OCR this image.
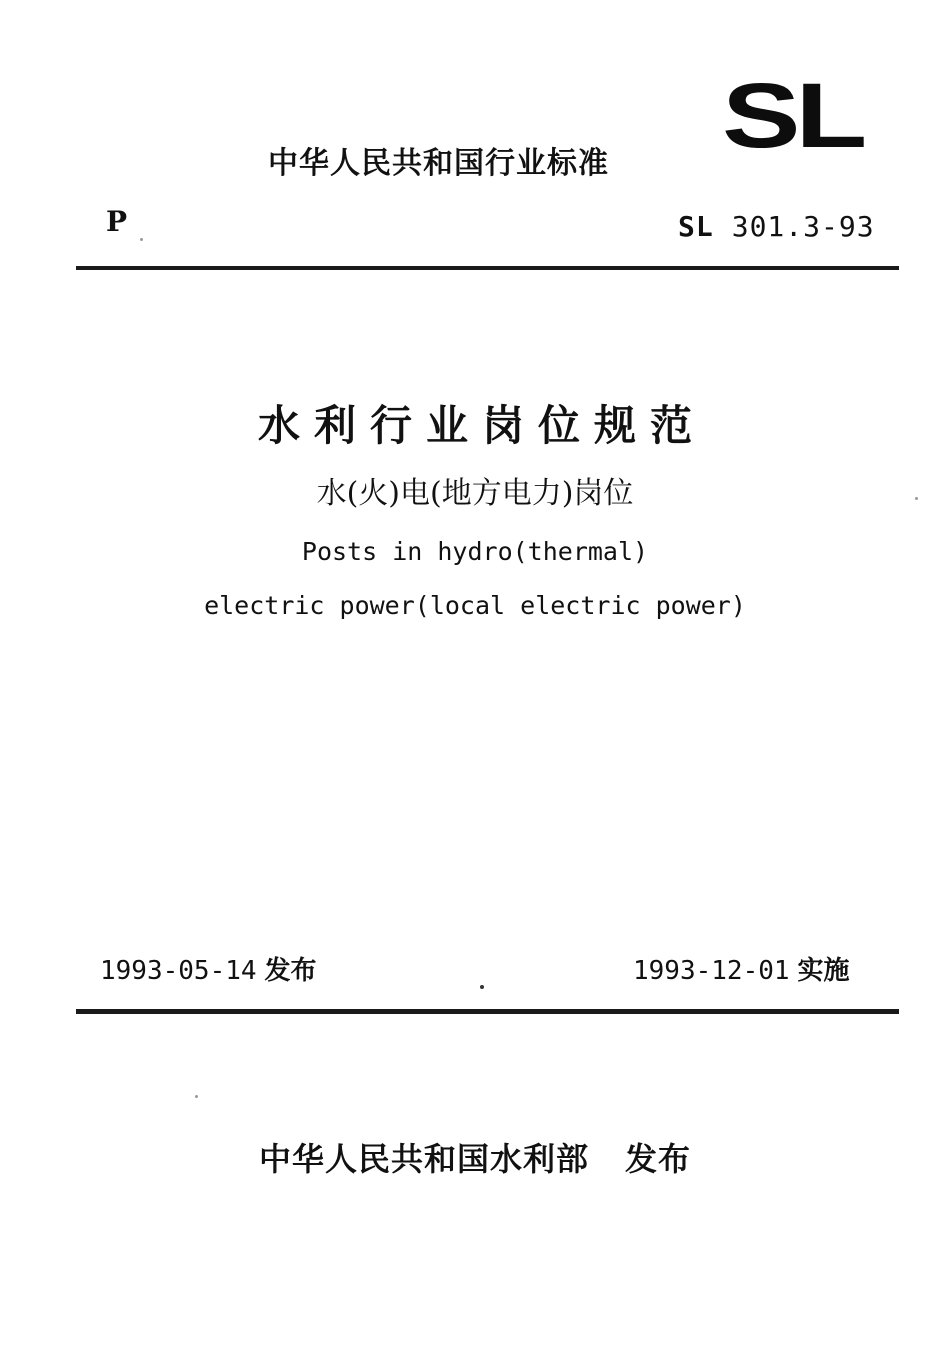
SL
中华人民共和国行业标准
P	SL 301.3-93
水利行业岗位规范
水(火)电(地方电力)岗位
Posts in hydro(thermal)
electric power(local electric power)
1993-05-14 发布	1993-12-01 实施
中华人民共和国水利部 发布
